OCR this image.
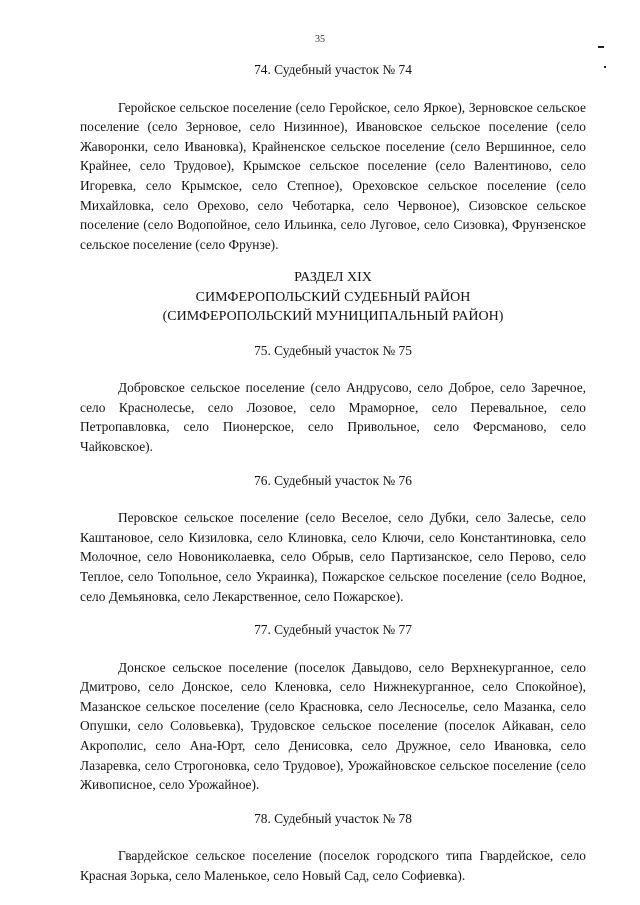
35
74. Судебный участок № 74

Геройское сельское поселение (село Геройское, село Яркое), Зерновское сельское поселение (село Зерновое, село Низинное), Ивановское сельское поселение (село Жаворонки, село Ивановка), Крайненское сельское поселение (село Вершинное, село Крайнее, село Трудовое), Крымское сельское поселение (село Валентиново, село Игоревка, село Крымское, село Степное), Ореховское сельское поселение (село Михайловка, село Орехово, село Чеботарка, село Червоное), Сизовское сельское поселение (село Водопойное, село Ильинка, село Луговое, село Сизовка), Фрунзенское сельское поселение (село Фрунзе).

РАЗДЕЛ XIX

СИМФЕРОПОЛЬСКИЙ СУДЕБНЫЙ РАЙОН

(СИМФЕРОПОЛЬСКИЙ МУНИЦИПАЛЬНЫЙ РАЙОН)

75. Судебный участок № 75

Добровское сельское поселение (село Андрусово, село Доброе, село Заречное, село Краснолесье, село Лозовое, село Мраморное, село Перевальное, село Петропавловка, село Пионерское, село Привольное, село Ферсманово, село Чайковское).

76. Судебный участок № 76

Перовское сельское поселение (село Веселое, село Дубки, село Залесье, село Каштановое, село Кизиловка, село Клиновка, село Ключи, село Константиновка, село Молочное, село Новониколаевка, село Обрыв, село Партизанское, село Перово, село Теплое, село Топольное, село Украинка), Пожарское сельское поселение (село Водное, село Демьяновка, село Лекарственное, село Пожарское).

77. Судебный участок № 77

Донское сельское поселение (поселок Давыдово, село Верхнекурганное, село Дмитрово, село Донское, село Кленовка, село Нижнекурганное, село Спокойное), Мазанское сельское поселение (село Красновка, село Лесноселье, село Мазанка, село Опушки, село Соловьевка), Трудовское сельское поселение (поселок Айкаван, село Акрополис, село Ана-Юрт, село Денисовка, село Дружное, село Ивановка, село Лазаревка, село Строгоновка, село Трудовое), Урожайновское сельское поселение (село Живописное, село Урожайное).

78. Судебный участок № 78

Гвардейское сельское поселение (поселок городского типа Гвардейское, село Красная Зорька, село Маленькое, село Новый Сад, село Софиевка).
